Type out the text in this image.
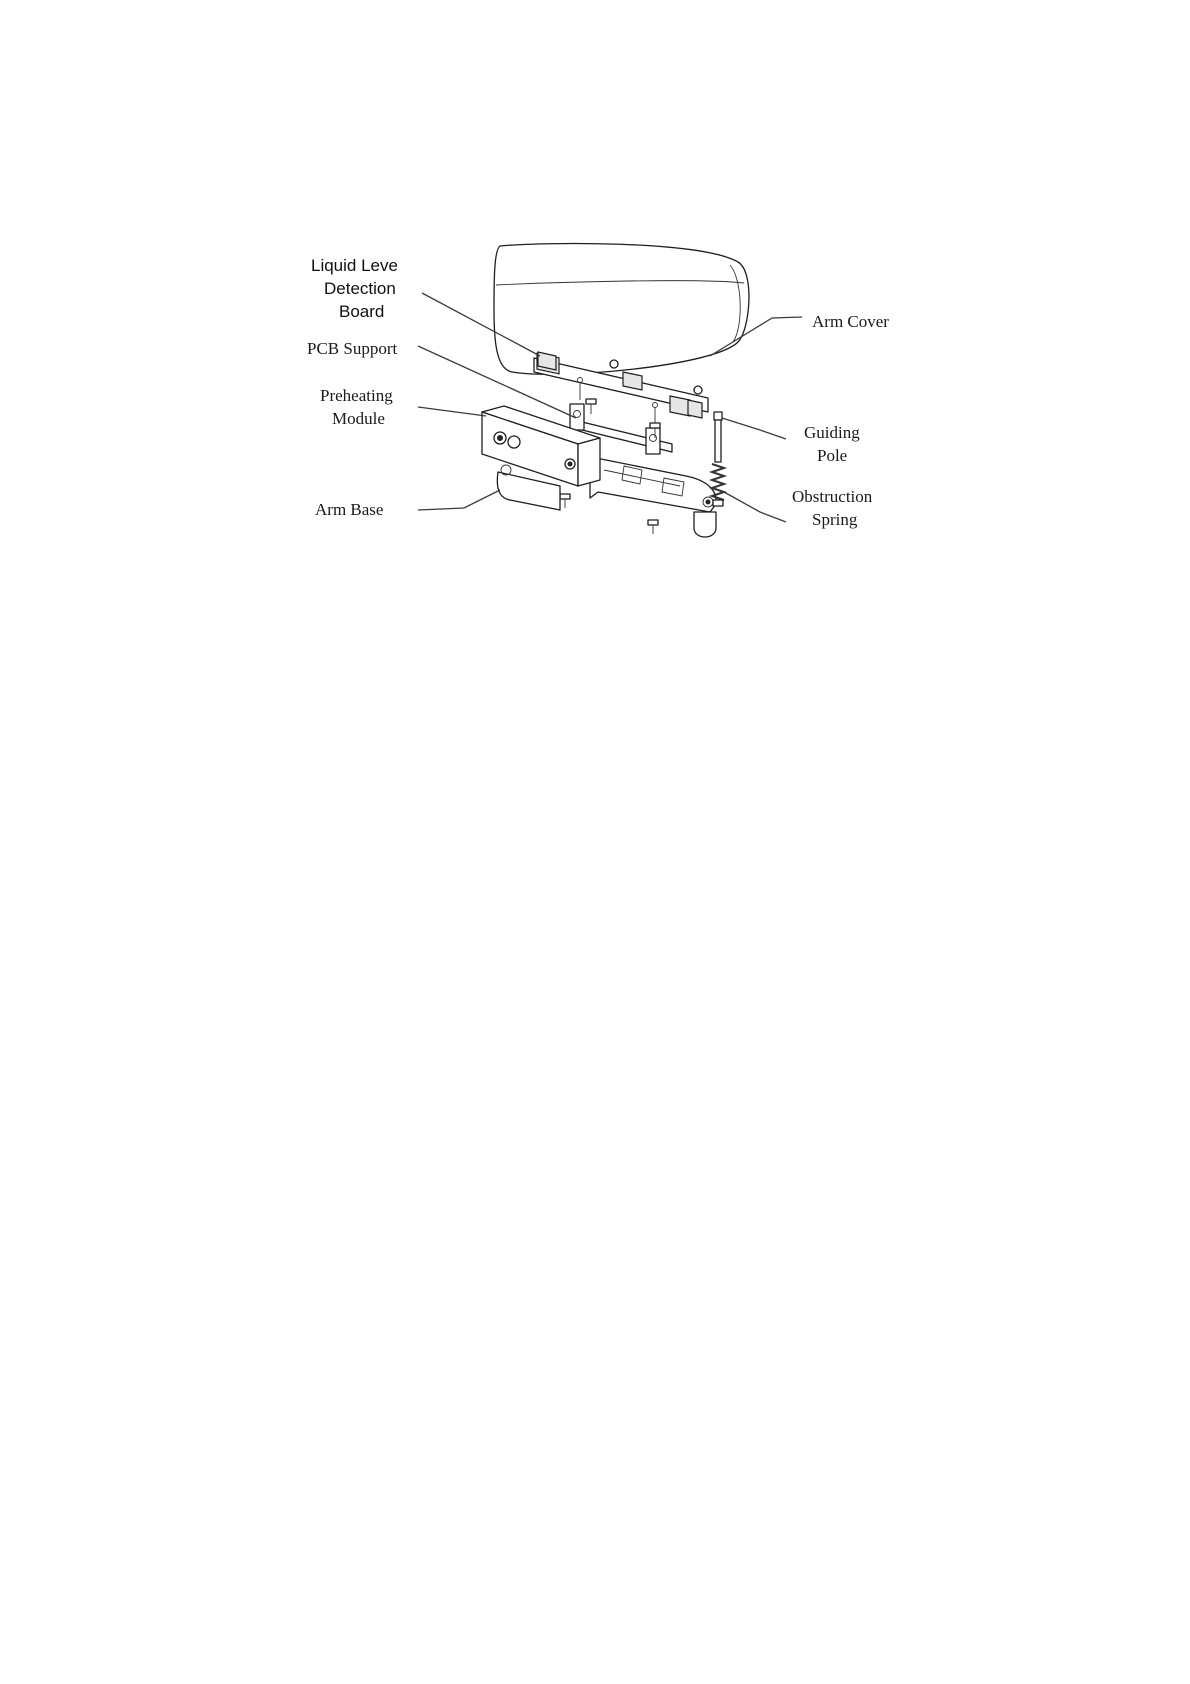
Liquid Leve
Detection
Board
PCB Support
Preheating
Module
Arm Base
Arm Cover
Guiding
Pole
Obstruction
Spring
